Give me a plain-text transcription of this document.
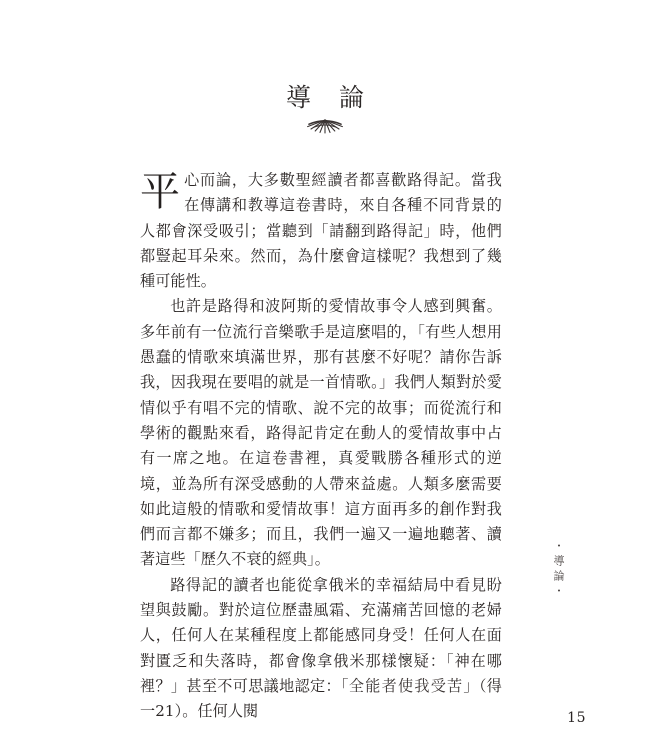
導 論

平心而論，大多數聖經讀者都喜歡路得記。當我在傳講和教導這卷書時，來自各種不同背景的人都會深受吸引；當聽到「請翻到路得記」時，他們都豎起耳朵來。然而，為什麼會這樣呢？我想到了幾種可能性。

也許是路得和波阿斯的愛情故事令人感到興奮。多年前有一位流行音樂歌手是這麼唱的，「有些人想用愚蠢的情歌來填滿世界，那有甚麼不好呢？請你告訴我，因我現在要唱的就是一首情歌。」我們人類對於愛情似乎有唱不完的情歌、說不完的故事；而從流行和學術的觀點來看，路得記肯定在動人的愛情故事中占有一席之地。在這卷書裡，真愛戰勝各種形式的逆境，並為所有深受感動的人帶來益處。人類多麼需要如此這般的情歌和愛情故事！這方面再多的創作對我們而言都不嫌多；而且，我們一遍又一遍地聽著、讀著這些「歷久不衰的經典」。

路得記的讀者也能從拿俄米的幸福結局中看見盼望與鼓勵。對於這位歷盡風霜、充滿痛苦回憶的老婦人，任何人在某種程度上都能感同身受！任何人在面對匱乏和失落時，都會像拿俄米那樣懷疑：「神在哪裡？」甚至不可思議地認定：「全能者使我受苦」（得一21）。任何人閱

・導論・
15
